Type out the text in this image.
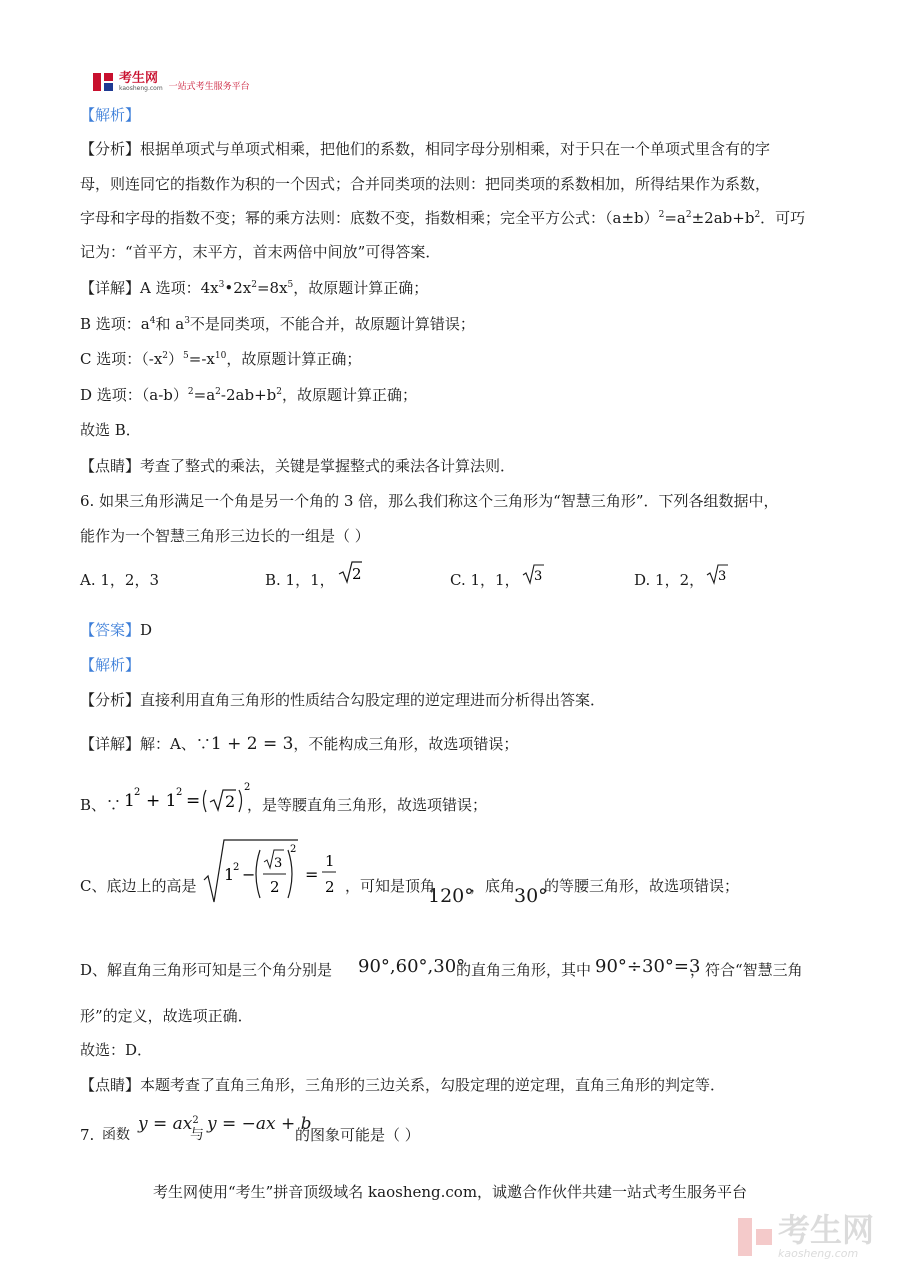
考生网
kaosheng.com 一站式考生服务平台
【解析】
【分析】根据单项式与单项式相乘，把他们的系数，相同字母分别相乘，对于只在一个单项式里含有的字
母，则连同它的指数作为积的一个因式；合并同类项的法则：把同类项的系数相加，所得结果作为系数，
字母和字母的指数不变；幂的乘方法则：底数不变，指数相乘；完全平方公式：$(a\pm b)^2=a^2\pm 2ab+b^2$．可巧
记为：“首平方，末平方，首末两倍中间放”可得答案．
【详解】A 选项：$4x^3•2x^2=8x^5$，故原题计算正确；
B 选项：$a^4$和 $a^3$不是同类项，不能合并，故原题计算错误；
C 选项：$(-x^2)^5=-x^{10}$，故原题计算正确；
D 选项：$(a-b)^2=a^2-2ab+b^2$，故原题计算正确；
故选 B．
【点睛】考查了整式的乘法，关键是掌握整式的乘法各计算法则．
6. 如果三角形满足一个角是另一个角的 3 倍，那么我们称这个三角形为“智慧三角形”．下列各组数据中，
能作为一个智慧三角形三边长的一组是（ ）
A. 1，2，3	B. 1，1， 2	C. 1，1， 3	D. 1，2， 3
【答案】D
【解析】
【分析】直接利用直角三角形的性质结合勾股定理的逆定理进而分析得出答案．
【详解】解：A、∵1 + 2 = 3，不能构成三角形，故选项错误；
B、∵ 1 2 + 1 2 = 2
2
，是等腰直角三角形，故选项错误；
C、底边上的高是
1
2 −
3
2
2
=
1
2 ，可知是顶角
120°
，底角
30°
的等腰三角形，故选项错误；
D、解直角三角形可知是三个角分别是 90°,60°,30°
的直角三角形，其中 90°÷30°=3
，符合“智慧三角
形”的定义，故选项正确．
故选：D．
【点睛】本题考查了直角三角形，三角形的三边关系，勾股定理的逆定理，直角三角形的判定等．
7. 函数
$y = ax^2$
与
y = −ax + b
的图象可能是（ ）
考生网使用“考生”拼音顶级域名 kaosheng.com，诚邀合作伙伴共建一站式考生服务平台
考生网
kaosheng.com
